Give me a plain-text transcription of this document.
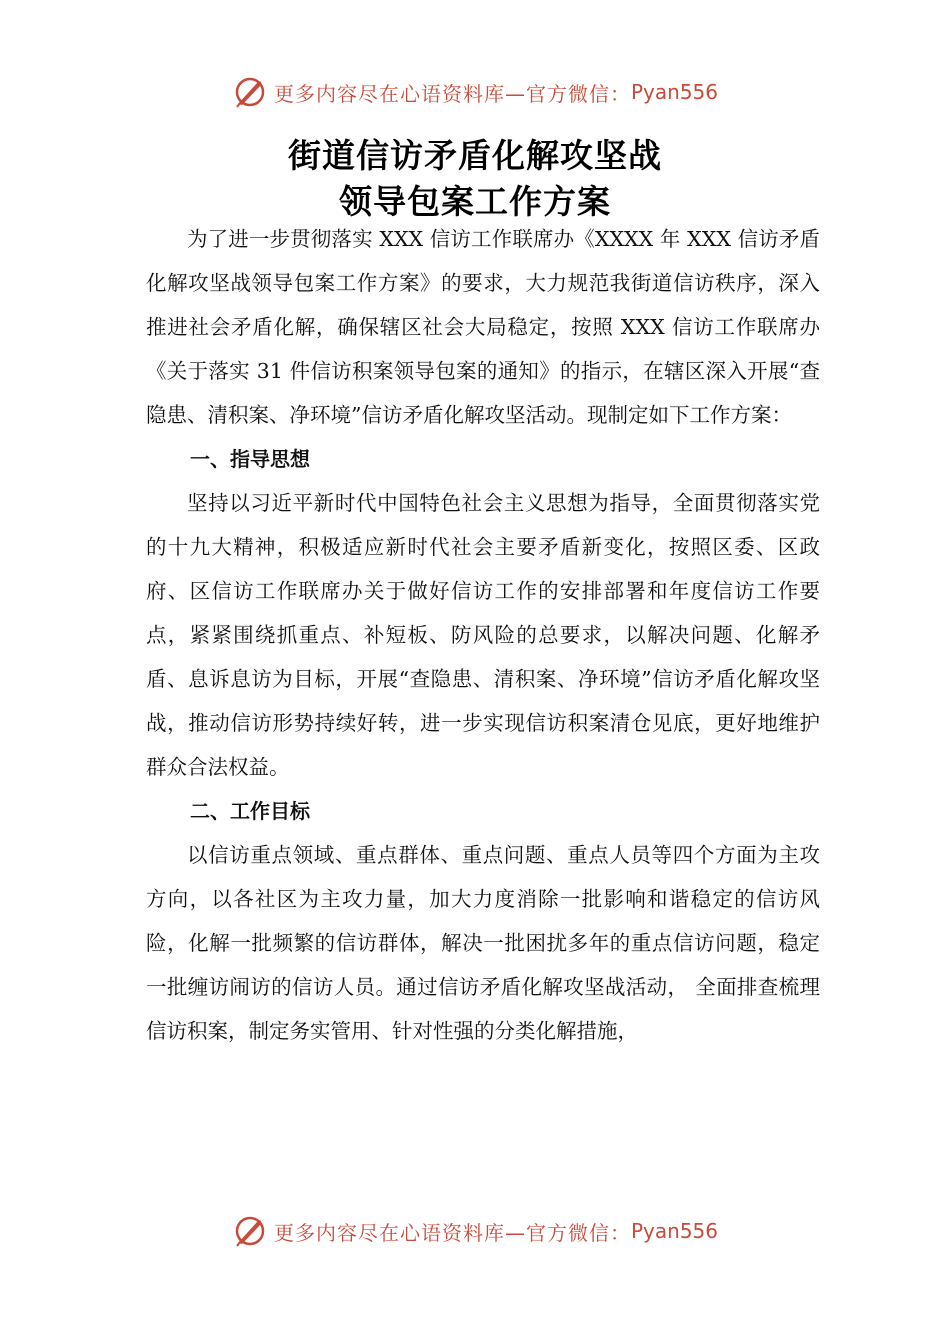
更多内容尽在心语资料库—官方微信： Pyan556
街道信访矛盾化解攻坚战
领导包案工作方案

为了进一步贯彻落实 XXX 信访工作联席办《XXXX 年 XXX 信访矛盾化解攻坚战领导包案工作方案》的要求，大力规范我街道信访秩序，深入推进社会矛盾化解，确保辖区社会大局稳定，按照 XXX 信访工作联席办《关于落实 31 件信访积案领导包案的通知》的指示，在辖区深入开展“查隐患、清积案、净环境”信访矛盾化解攻坚活动。现制定如下工作方案：

一、指导思想

坚持以习近平新时代中国特色社会主义思想为指导，全面贯彻落实党的十九大精神，积极适应新时代社会主要矛盾新变化，按照区委、区政府、区信访工作联席办关于做好信访工作的安排部署和年度信访工作要点，紧紧围绕抓重点、补短板、防风险的总要求，以解决问题、化解矛盾、息诉息访为目标，开展“查隐患、清积案、净环境”信访矛盾化解攻坚战，推动信访形势持续好转，进一步实现信访积案清仓见底，更好地维护群众合法权益。

二、工作目标

以信访重点领域、重点群体、重点问题、重点人员等四个方面为主攻方向，以各社区为主攻力量，加大力度消除一批影响和谐稳定的信访风险，化解一批频繁的信访群体，解决一批困扰多年的重点信访问题，稳定一批缠访闹访的信访人员。通过信访矛盾化解攻坚战活动， 全面排查梳理信访积案，制定务实管用、针对性强的分类化解措施，

更多内容尽在心语资料库—官方微信： Pyan556
